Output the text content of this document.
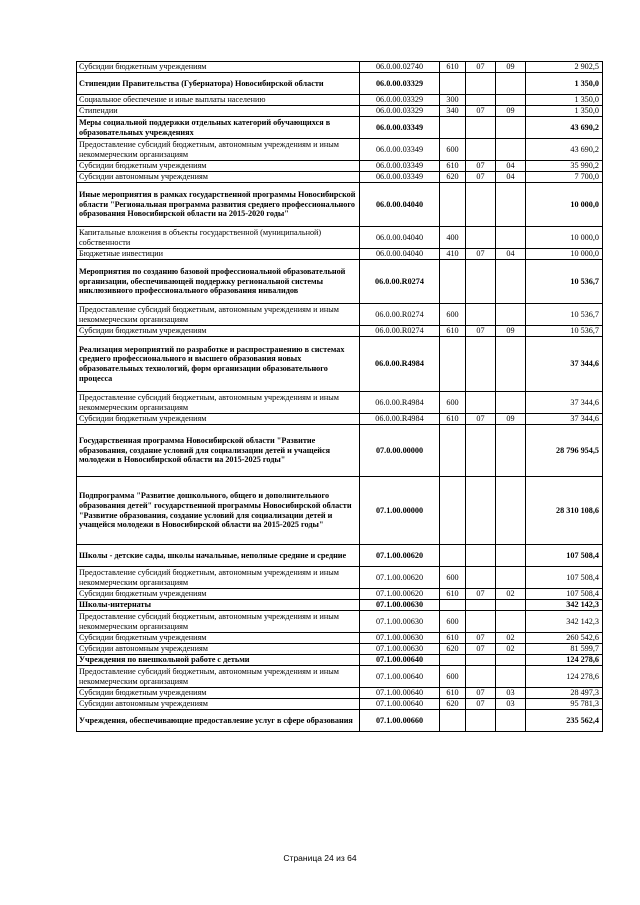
Субсидии бюджетным учреждениям	06.0.00.02740	610	07	09	2 902,5
Стипендии Правительства (Губернатора) Новосибирской области	06.0.00.03329				1 350,0
Социальное обеспечение и иные выплаты населению	06.0.00.03329	300			1 350,0
Стипендии	06.0.00.03329	340	07	09	1 350,0
Меры социальной поддержки отдельных категорий обучающихся в образовательных учреждениях	06.0.00.03349				43 690,2
Предоставление субсидий бюджетным, автономным учреждениям и иным некоммерческим организациям	06.0.00.03349	600			43 690,2
Субсидии бюджетным учреждениям	06.0.00.03349	610	07	04	35 990,2
Субсидии автономным учреждениям	06.0.00.03349	620	07	04	7 700,0
Иные мероприятия в рамках государственной программы Новосибирской области "Региональная программа развития среднего профессионального образования Новосибирской области на 2015-2020 годы"	06.0.00.04040				10 000,0
Капитальные вложения в объекты государственной (муниципальной) собственности	06.0.00.04040	400			10 000,0
Бюджетные инвестиции	06.0.00.04040	410	07	04	10 000,0
Мероприятия по созданию базовой профессиональной образовательной организации, обеспечивающей поддержку региональной системы инклюзивного профессионального образования инвалидов	06.0.00.R0274				10 536,7
Предоставление субсидий бюджетным, автономным учреждениям и иным некоммерческим организациям	06.0.00.R0274	600			10 536,7
Субсидии бюджетным учреждениям	06.0.00.R0274	610	07	09	10 536,7
Реализация мероприятий по разработке и распространению в системах среднего профессионального и высшего образования новых образовательных технологий, форм организации образовательного процесса	06.0.00.R4984				37 344,6
Предоставление субсидий бюджетным, автономным учреждениям и иным некоммерческим организациям	06.0.00.R4984	600			37 344,6
Субсидии бюджетным учреждениям	06.0.00.R4984	610	07	09	37 344,6
Государственная программа Новосибирской области "Развитие образования, создание условий для социализации детей и учащейся молодежи в Новосибирской области на 2015-2025 годы"	07.0.00.00000				28 796 954,5
Подпрограмма "Развитие дошкольного, общего и дополнительного образования детей" государственной программы Новосибирской области "Развитие образования, создание условий для социализации детей и учащейся молодежи в Новосибирской области на 2015-2025 годы"	07.1.00.00000				28 310 108,6
Школы - детские сады, школы начальные, неполные средние и средние	07.1.00.00620				107 508,4
Предоставление субсидий бюджетным, автономным учреждениям и иным некоммерческим организациям	07.1.00.00620	600			107 508,4
Субсидии бюджетным учреждениям	07.1.00.00620	610	07	02	107 508,4
Школы-интернаты	07.1.00.00630				342 142,3
Предоставление субсидий бюджетным, автономным учреждениям и иным некоммерческим организациям	07.1.00.00630	600			342 142,3
Субсидии бюджетным учреждениям	07.1.00.00630	610	07	02	260 542,6
Субсидии автономным учреждениям	07.1.00.00630	620	07	02	81 599,7
Учреждения по внешкольной работе с детьми	07.1.00.00640				124 278,6
Предоставление субсидий бюджетным, автономным учреждениям и иным некоммерческим организациям	07.1.00.00640	600			124 278,6
Субсидии бюджетным учреждениям	07.1.00.00640	610	07	03	28 497,3
Субсидии автономным учреждениям	07.1.00.00640	620	07	03	95 781,3
Учреждения, обеспечивающие предоставление услуг в сфере образования	07.1.00.00660				235 562,4
Страница 24 из 64
